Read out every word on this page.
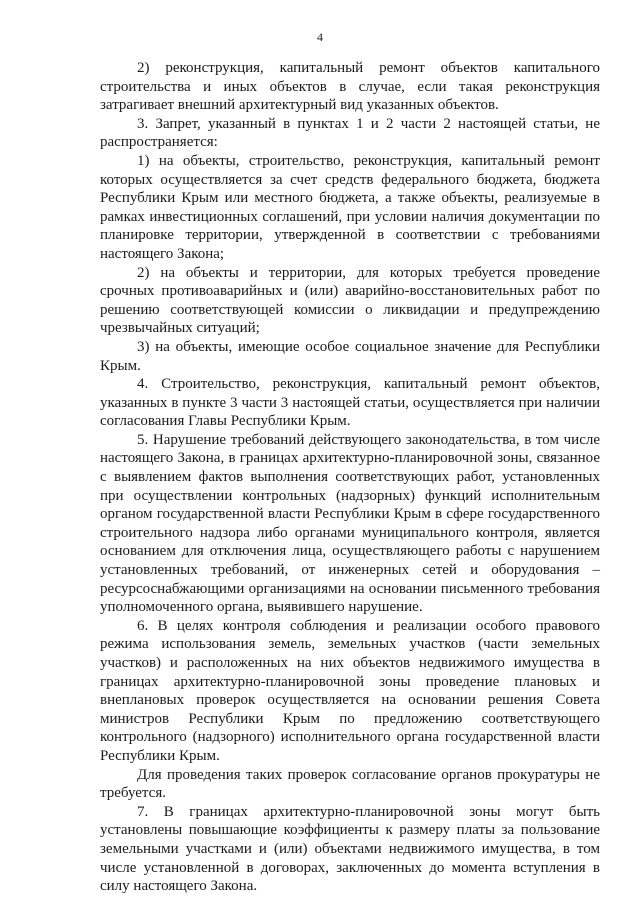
4

2) реконструкция, капитальный ремонт объектов капитального строительства и иных объектов в случае, если такая реконструкция затрагивает внешний архитектурный вид указанных объектов.

3. Запрет, указанный в пунктах 1 и 2 части 2 настоящей статьи, не распространяется:

1) на объекты, строительство, реконструкция, капитальный ремонт которых осуществляется за счет средств федерального бюджета, бюджета Республики Крым или местного бюджета, а также объекты, реализуемые в рамках инвестиционных соглашений, при условии наличия документации по планировке территории, утвержденной в соответствии с требованиями настоящего Закона;

2) на объекты и территории, для которых требуется проведение срочных противоаварийных и (или) аварийно-восстановительных работ по решению соответствующей комиссии о ликвидации и предупреждению чрезвычайных ситуаций;

3) на объекты, имеющие особое социальное значение для Республики Крым.

4. Строительство, реконструкция, капитальный ремонт объектов, указанных в пункте 3 части 3 настоящей статьи, осуществляется при наличии согласования Главы Республики Крым.

5. Нарушение требований действующего законодательства, в том числе настоящего Закона, в границах архитектурно-планировочной зоны, связанное с выявлением фактов выполнения соответствующих работ, установленных при осуществлении контрольных (надзорных) функций исполнительным органом государственной власти Республики Крым в сфере государственного строительного надзора либо органами муниципального контроля, является основанием для отключения лица, осуществляющего работы с нарушением установленных требований, от инженерных сетей и оборудования – ресурсоснабжающими организациями на основании письменного требования уполномоченного органа, выявившего нарушение.

6. В целях контроля соблюдения и реализации особого правового режима использования земель, земельных участков (части земельных участков) и расположенных на них объектов недвижимого имущества в границах архитектурно-планировочной зоны проведение плановых и внеплановых проверок осуществляется на основании решения Совета министров Республики Крым по предложению соответствующего контрольного (надзорного) исполнительного органа государственной власти Республики Крым.

Для проведения таких проверок согласование органов прокуратуры не требуется.

7. В границах архитектурно-планировочной зоны могут быть установлены повышающие коэффициенты к размеру платы за пользование земельными участками и (или) объектами недвижимого имущества, в том числе установленной в договорах, заключенных до момента вступления в силу настоящего Закона.
